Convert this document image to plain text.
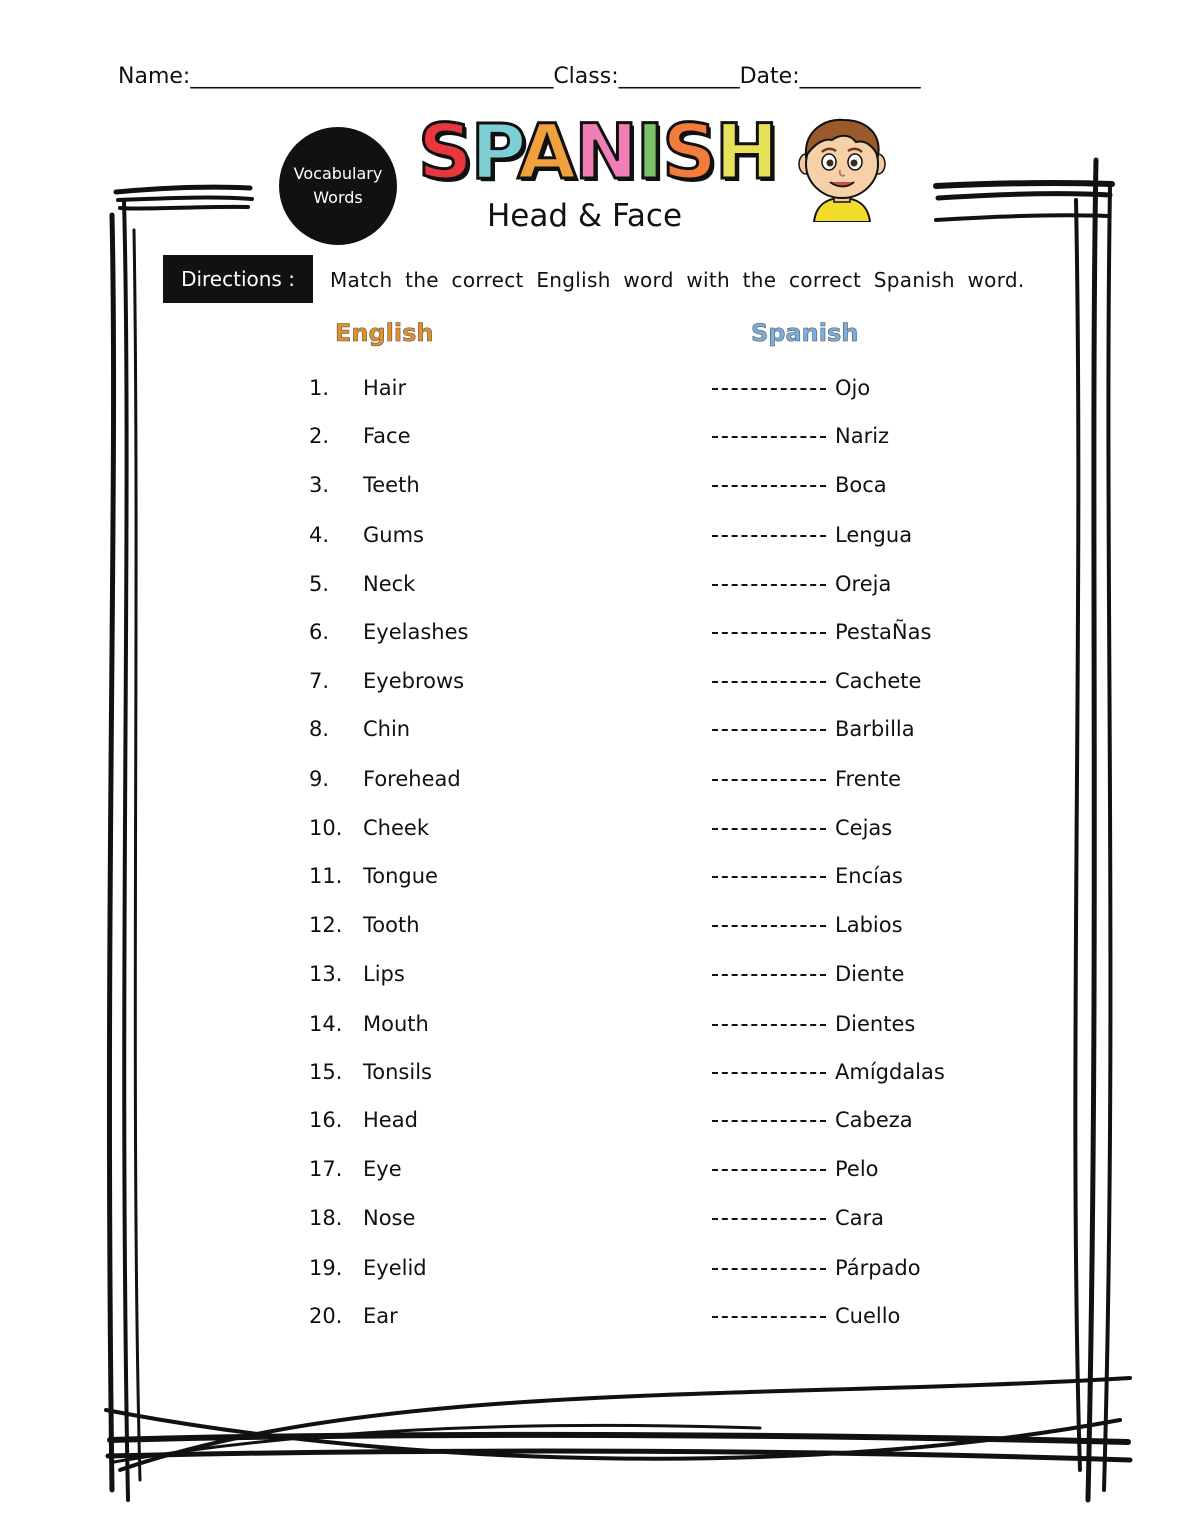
Name:_________________________________Class:___________Date:___________
Vocabulary
Words
SPANISH
Head & Face
Directions :	Match the correct English word with the correct Spanish word.
English	Spanish
1. Hair	Ojo
2. Face	Nariz
3. Teeth	Boca
4. Gums	Lengua
5. Neck	Oreja
6. Eyelashes	PestaÑas
7. Eyebrows	Cachete
8. Chin	Barbilla
9. Forehead	Frente
10. Cheek	Cejas
11. Tongue	Encías
12. Tooth	Labios
13. Lips	Diente
14. Mouth	Dientes
15. Tonsils	Amígdalas
16. Head	Cabeza
17. Eye	Pelo
18. Nose	Cara
19. Eyelid	Párpado
20. Ear	Cuello
